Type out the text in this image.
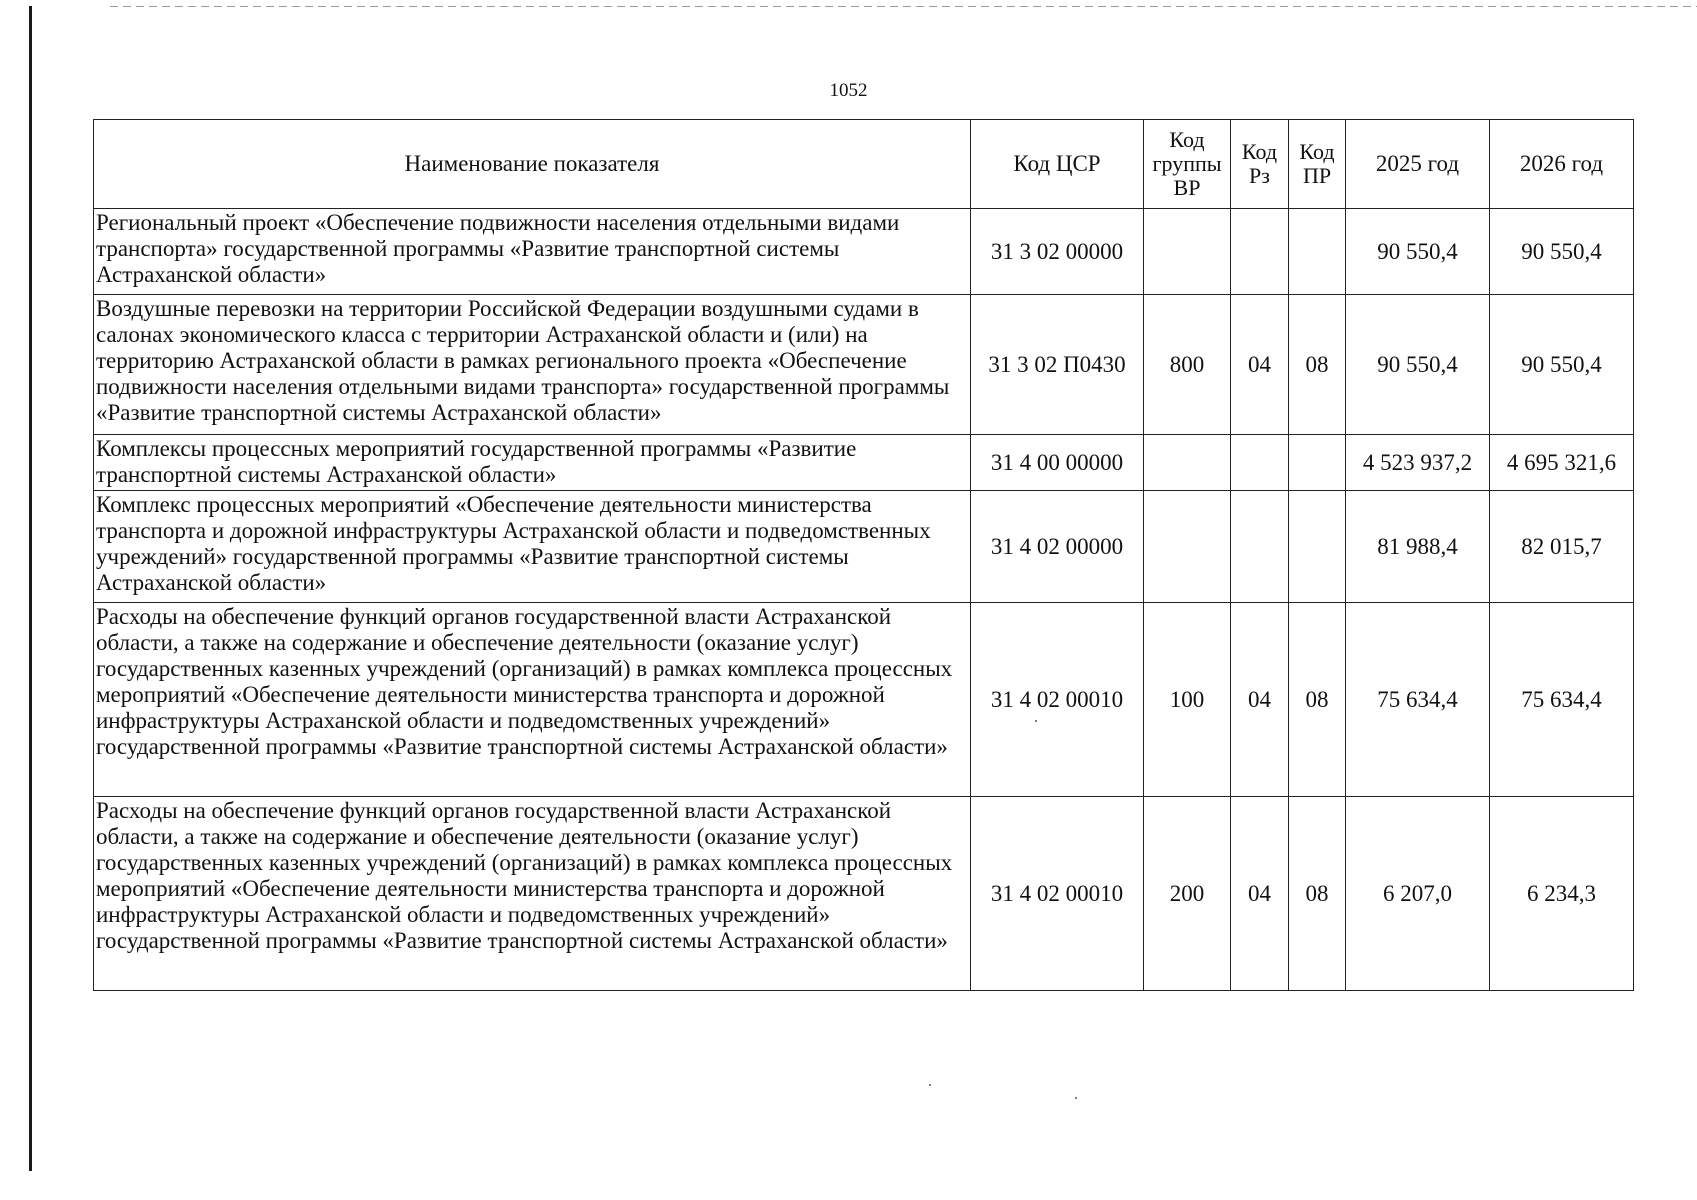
1052
Наименование показателя	Код ЦСР	Код группы ВР	Код Рз	Код ПР	2025 год	2026 год
Региональный проект «Обеспечение подвижности населения отдельными видами транспорта» государственной программы «Развитие транспортной системы Астраханской области»	31 3 02 00000				90 550,4	90 550,4
Воздушные перевозки на территории Российской Федерации воздушными судами в салонах экономического класса с территории Астраханской области и (или) на территорию Астраханской области в рамках регионального проекта «Обеспечение подвижности населения отдельными видами транспорта» государственной программы «Развитие транспортной системы Астраханской области»	31 3 02 П0430	800	04	08	90 550,4	90 550,4
Комплексы процессных мероприятий государственной программы «Развитие транспортной системы Астраханской области»	31 4 00 00000				4 523 937,2	4 695 321,6
Комплекс процессных мероприятий «Обеспечение деятельности министерства транспорта и дорожной инфраструктуры Астраханской области и подведомственных учреждений» государственной программы «Развитие транспортной системы Астраханской области»	31 4 02 00000				81 988,4	82 015,7
Расходы на обеспечение функций органов государственной власти Астраханской области, а также на содержание и обеспечение деятельности (оказание услуг) государственных казенных учреждений (организаций) в рамках комплекса процессных мероприятий «Обеспечение деятельности министерства транспорта и дорожной инфраструктуры Астраханской области и подведомственных учреждений» государственной программы «Развитие транспортной системы Астраханской области»	31 4 02 00010	100	04	08	75 634,4	75 634,4
Расходы на обеспечение функций органов государственной власти Астраханской области, а также на содержание и обеспечение деятельности (оказание услуг) государственных казенных учреждений (организаций) в рамках комплекса процессных мероприятий «Обеспечение деятельности министерства транспорта и дорожной инфраструктуры Астраханской области и подведомственных учреждений» государственной программы «Развитие транспортной системы Астраханской области»	31 4 02 00010	200	04	08	6 207,0	6 234,3
